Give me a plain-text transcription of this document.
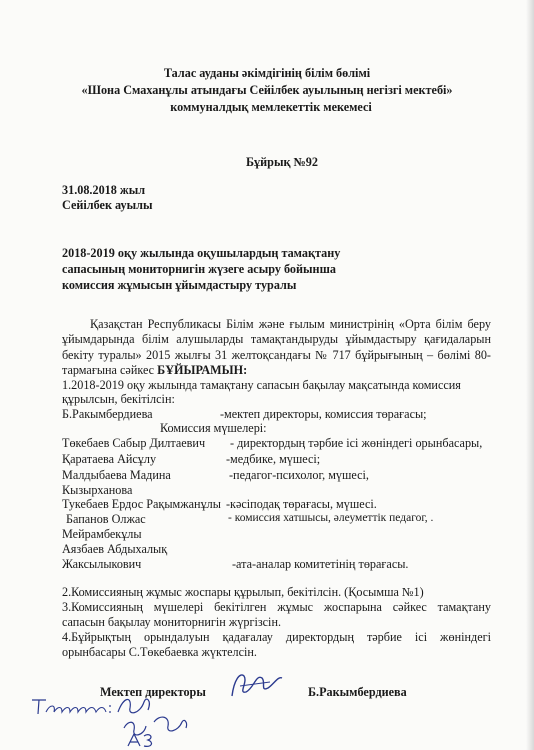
Талас ауданы әкімдігінің білім бөлімі
«Шона Смаханұлы атындағы Сейілбек ауылының негізгі мектебі»
коммуналдық мемлекеттік мекемесі
Бұйрық №92
31.08.2018 жыл
Сейілбек ауылы
2018-2019 оқу жылында оқушылардың тамақтану
сапасының мониторнигін жүзеге асыру бойынша
комиссия жұмысын ұйымдастыру туралы
Қазақстан Республикасы Білім және ғылым министрінің «Орта білім беру
ұйымдарында білім алушыларды тамақтандыруды ұйымдастыру қағидаларын
бекіту туралы» 2015 жылғы 31 желтоқсандағы № 717 бұйрығының – бөлімі 80-
тармағына сәйкес БҰЙЫРАМЫН:
1.2018-2019 оқу жылында тамақтану сапасын бақылау мақсатында комиссия
құрылсын, бекітілсін:
Б.Ракымбердиева	-мектеп директоры, комиссия төрағасы;
Комиссия мүшелері:
Төкебаев Сабыр Дилтаевич - директордың тәрбие ісі жөніндегі орынбасары,
Қаратаева Айсұлу	-медбике, мүшесі;
Малдыбаева Мадина	-педагог-психолог, мүшесі,
Кызырханова
Тукебаев Ердос Рақымжанұлы -кәсіподақ төрағасы, мүшесі.
Бапанов Олжас	- комиссия хатшысы, әлеуметтік педагог, .
Мейрамбекұлы
Аязбаев Абдыхалық
Жаксылыкович	-ата-аналар комитетінің төрағасы.
2.Комиссияның жұмыс жоспары құрылып, бекітілсін. (Қосымша №1)
3.Комиссияның мүшелері бекітілген жұмыс жоспарына сәйкес тамақтану
сапасын бақылау мониторнигін жүргізсін.
4.Бұйрықтың орындалуын қадағалау директордың тәрбие ісі жөніндегі
орынбасары С.Төкебаевка жүктелсін.
Мектеп директоры	Б.Ракымбердиева
